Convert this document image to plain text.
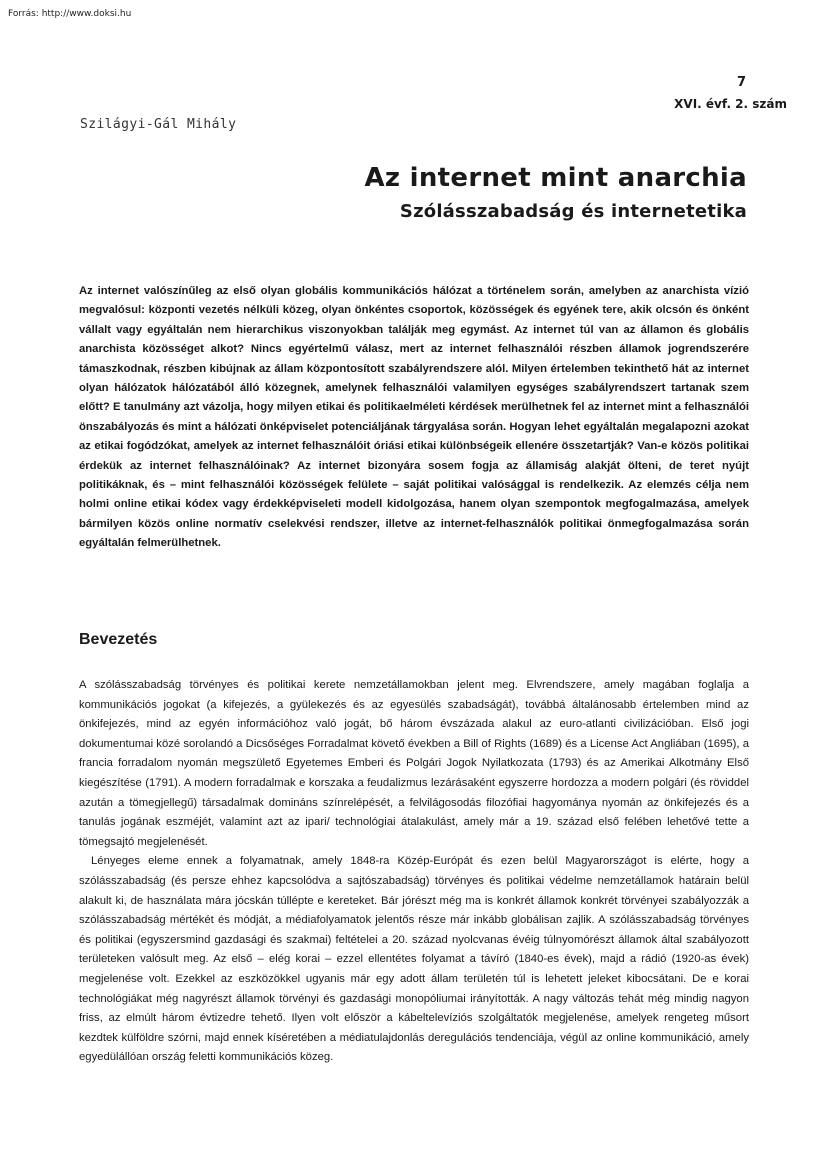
Forrás: http://www.doksi.hu
7
XVI. évf. 2. szám
Szilágyi-Gál Mihály
Az internet mint anarchia
Szólásszabadság és internetetika

Az internet valószínűleg az első olyan globális kommunikációs hálózat a történelem során, amelyben az anarchista vízió megvalósul: központi vezetés nélküli közeg, olyan önkéntes csoportok, közösségek és egyének tere, akik olcsón és önként vállalt vagy egyáltalán nem hierarchikus viszonyokban találják meg egymást. Az internet túl van az államon és globális anarchista közösséget alkot? Nincs egyértelmű válasz, mert az internet felhasználói részben államok jogrendszerére támaszkodnak, részben kibújnak az állam központosított szabályrendszere alól. Milyen értelemben tekinthető hát az internet olyan hálózatok hálózatából álló közegnek, amelynek felhasználói valamilyen egységes szabályrendszert tartanak szem előtt? E tanulmány azt vázolja, hogy milyen etikai és politikaelméleti kérdések merülhetnek fel az internet mint a felhasználói önszabályozás és mint a hálózati önképviselet potenciáljának tárgyalása során. Hogyan lehet egyáltalán megalapozni azokat az etikai fogódzókat, amelyek az internet felhasználóit óriási etikai különbségeik ellenére összetartják? Van-e közös politikai érdekük az internet felhasználóinak? Az internet bizonyára sosem fogja az államiság alakját ölteni, de teret nyújt politikáknak, és – mint felhasználói közösségek felülete – saját politikai valósággal is rendelkezik. Az elemzés célja nem holmi online etikai kódex vagy érdekképviseleti modell kidolgozása, hanem olyan szempontok megfogalmazása, amelyek bármilyen közös online normatív cselekvési rendszer, illetve az internet-felhasználók politikai önmegfogalmazása során egyáltalán felmerülhetnek.

Bevezetés

A szólásszabadság törvényes és politikai kerete nemzetállamokban jelent meg. Elvrendszere, amely magában foglalja a kommunikációs jogokat (a kifejezés, a gyülekezés és az egyesülés szabadságát), továbbá általánosabb értelemben mind az önkifejezés, mind az egyén információhoz való jogát, bő három évszázada alakul az euro-atlanti civilizációban. Első jogi dokumentumai közé sorolandó a Dicsőséges Forradalmat követő években a Bill of Rights (1689) és a License Act Angliában (1695), a francia forradalom nyomán megszülető Egyetemes Emberi és Polgári Jogok Nyilatkozata (1793) és az Amerikai Alkotmány Első kiegészítése (1791). A modern forradalmak e korszaka a feudalizmus lezárásaként egyszerre hordozza a modern polgári (és röviddel azután a tömegjellegű) társadalmak domináns színrelépését, a felvilágosodás filozófiai hagyománya nyomán az önkifejezés és a tanulás jogának eszméjét, valamint azt az ipari/ technológiai átalakulást, amely már a 19. század első felében lehetővé tette a tömegsajtó megjelenését.

Lényeges eleme ennek a folyamatnak, amely 1848-ra Közép-Európát és ezen belül Magyarországot is elérte, hogy a szólásszabadság (és persze ehhez kapcsolódva a sajtószabadság) törvényes és politikai védelme nemzetállamok határain belül alakult ki, de használata mára jócskán túllépte e kereteket. Bár jórészt még ma is konkrét államok konkrét törvényei szabályozzák a szólásszabadság mértékét és módját, a médiafolyamatok jelentős része már inkább globálisan zajlik. A szólásszabadság törvényes és politikai (egyszersmind gazdasági és szakmai) feltételei a 20. század nyolcvanas évéig túlnyomórészt államok által szabályozott területeken valósult meg. Az első – elég korai – ezzel ellentétes folyamat a távíró (1840-es évek), majd a rádió (1920-as évek) megjelenése volt. Ezekkel az eszközökkel ugyanis már egy adott állam területén túl is lehetett jeleket kibocsátani. De e korai technológiákat még nagyrészt államok törvényi és gazdasági monopóliumai irányították. A nagy változás tehát még mindig nagyon friss, az elmúlt három évtizedre tehető. Ilyen volt először a kábeltelevíziós szolgáltatók megjelenése, amelyek rengeteg műsort kezdtek külföldre szórni, majd ennek kíséretében a médiatulajdonlás deregulációs tendenciája, végül az online kommunikáció, amely egyedülállóan ország feletti kommunikációs közeg.
